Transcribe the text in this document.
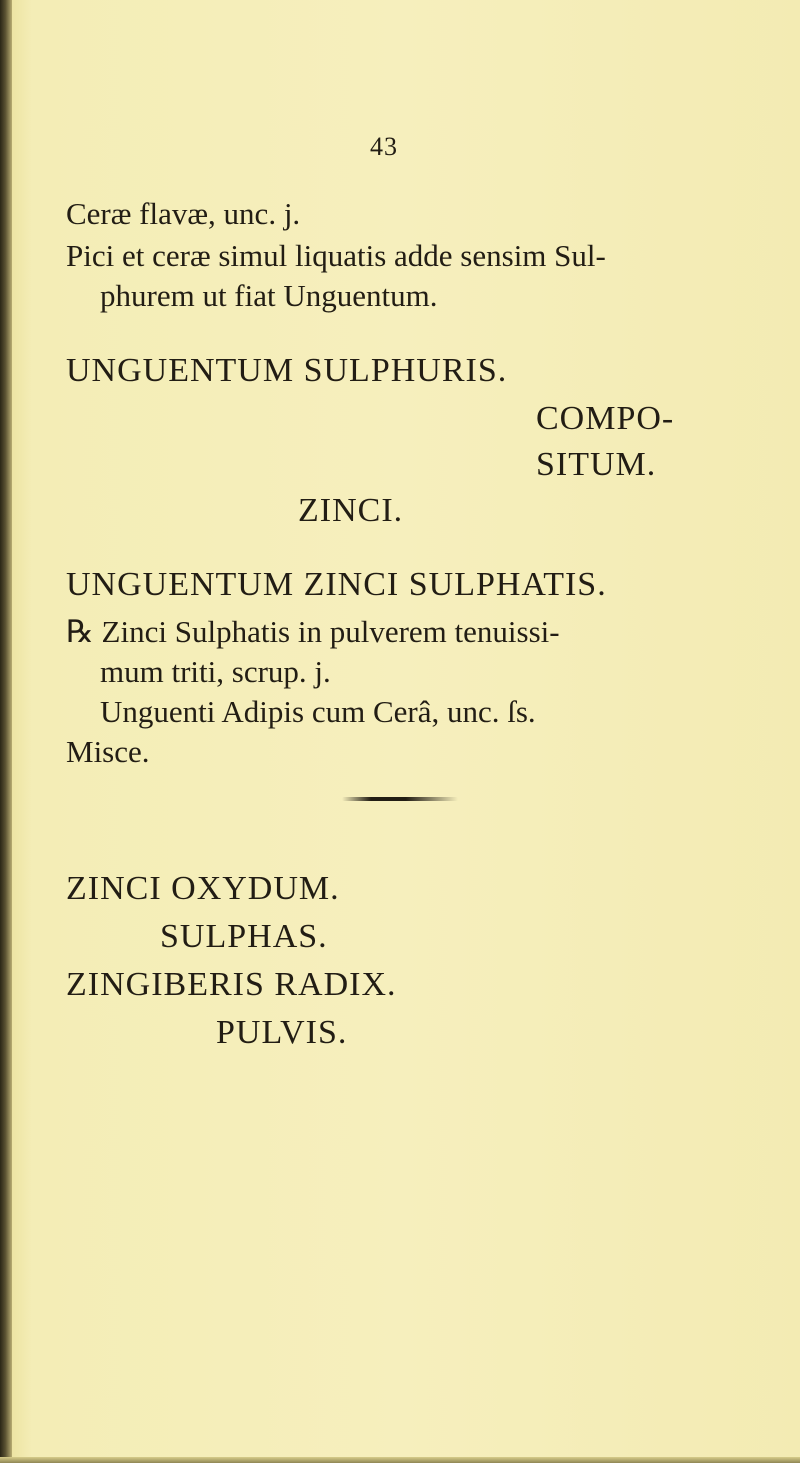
43
Ceræ flavæ, unc. j.
Pici et ceræ simul liquatis adde sensim Sul-
phurem ut fiat Unguentum.
UNGUENTUM SULPHURIS.
COMPO-
SITUM.
ZINCI.
UNGUENTUM ZINCI SULPHATIS.
℞ Zinci Sulphatis in pulverem tenuissi-
mum triti, scrup. j.
Unguenti Adipis cum Cerâ, unc. ſs.
Misce.
ZINCI OXYDUM.
SULPHAS.
ZINGIBERIS RADIX.
PULVIS.
